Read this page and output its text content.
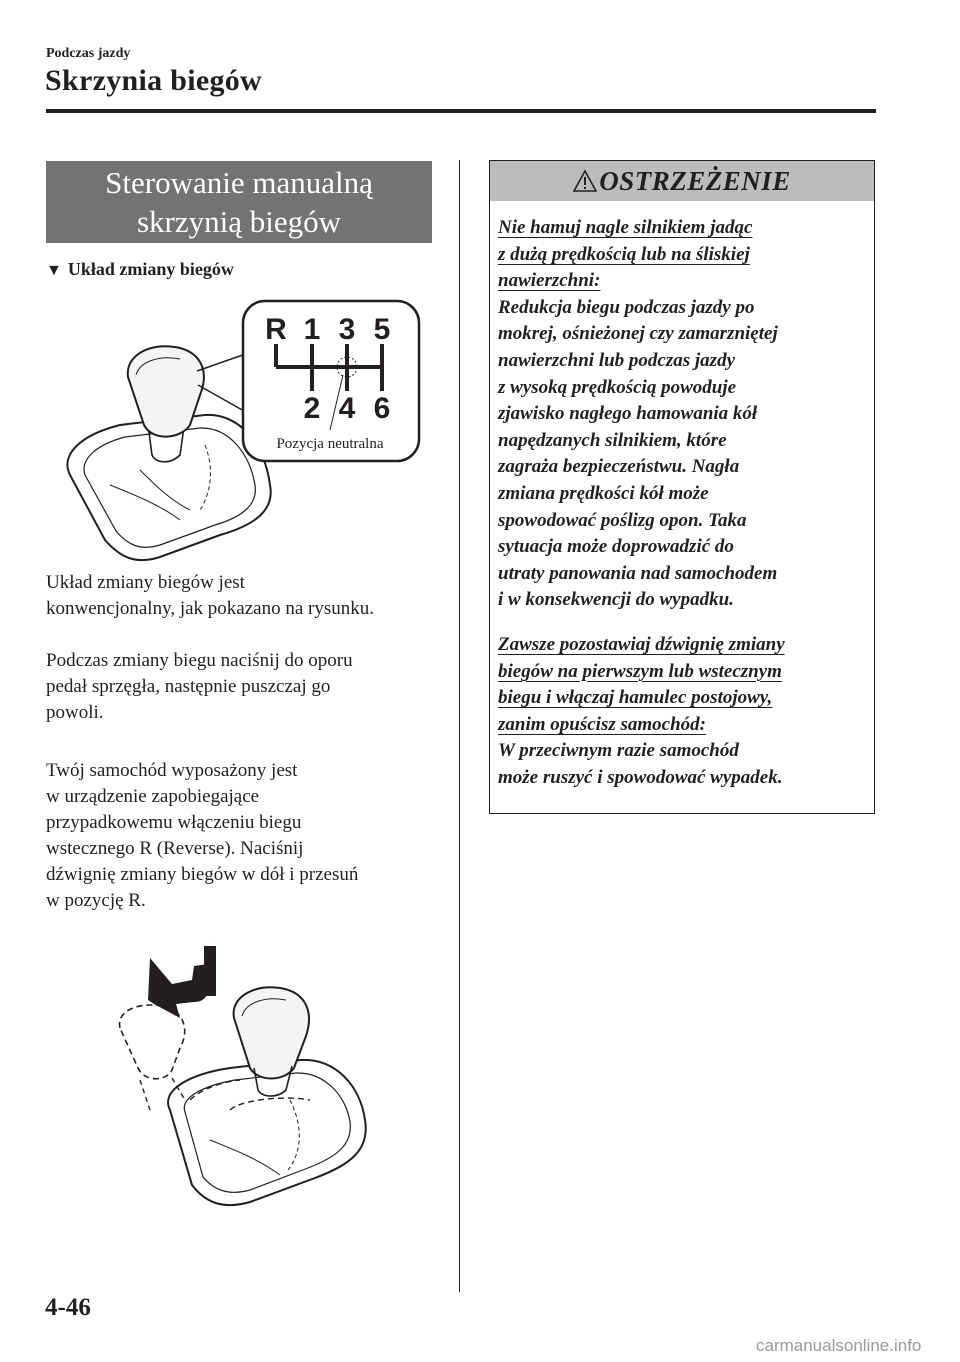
Podczas jazdy
Skrzynia biegów
Sterowanie manualną
skrzynią biegów
▼ Układ zmiany biegów
R 1 3 5
2 4 6
Pozycja neutralna
Układ zmiany biegów jest
konwencjonalny, jak pokazano na rysunku.
Podczas zmiany biegu naciśnij do oporu
pedał sprzęgła, następnie puszczaj go
powoli.
Twój samochód wyposażony jest
w urządzenie zapobiegające
przypadkowemu włączeniu biegu
wstecznego R (Reverse). Naciśnij
dźwignię zmiany biegów w dół i przesuń
w pozycję R.
OSTRZEŻENIE
Nie hamuj nagle silnikiem jadąc
z dużą prędkością lub na śliskiej
nawierzchni:
Redukcja biegu podczas jazdy po
mokrej, ośnieżonej czy zamarzniętej
nawierzchni lub podczas jazdy
z wysoką prędkością powoduje
zjawisko nagłego hamowania kół
napędzanych silnikiem, które
zagraża bezpieczeństwu. Nagła
zmiana prędkości kół może
spowodować poślizg opon. Taka
sytuacja może doprowadzić do
utraty panowania nad samochodem
i w konsekwencji do wypadku.
Zawsze pozostawiaj dźwignię zmiany
biegów na pierwszym lub wstecznym
biegu i włączaj hamulec postojowy,
zanim opuścisz samochód:
W przeciwnym razie samochód
może ruszyć i spowodować wypadek.
4-46
carmanualsonline.info
